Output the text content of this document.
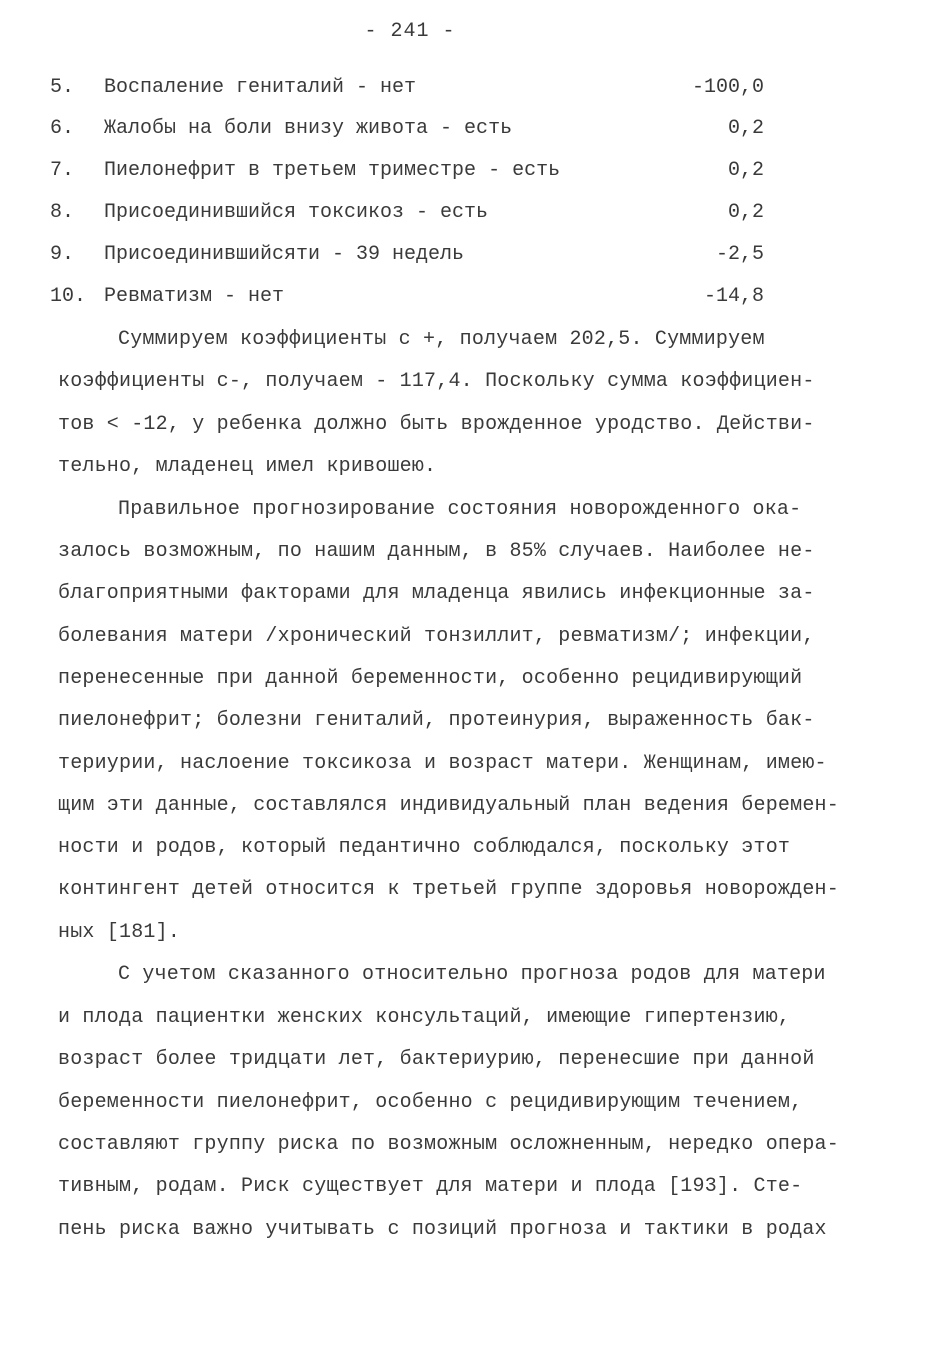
- 241 -
5. Воспаление гениталий - нет	-100,0
6. Жалобы на боли внизу живота - есть	0,2
7. Пиелонефрит в третьем триместре - есть	0,2
8. Присоединившийся токсикоз - есть	0,2
9. Присоединившийсяти - 39 недель	-2,5
10. Ревматизм - нет	-14,8
Суммируем коэффициенты с +, получаем 202,5. Суммируем
коэффициенты с-, получаем - 117,4. Поскольку сумма коэффициен-
тов < -12, у ребенка должно быть врожденное уродство. Действи-
тельно, младенец имел кривошею.
Правильное прогнозирование состояния новорожденного ока-
залось возможным, по нашим данным, в 85% случаев. Наиболее не-
благоприятными факторами для младенца явились инфекционные за-
болевания матери /хронический тонзиллит, ревматизм/; инфекции,
перенесенные при данной беременности, особенно рецидивирующий
пиелонефрит; болезни гениталий, протеинурия, выраженность бак-
териурии, наслоение токсикоза и возраст матери. Женщинам, имею-
щим эти данные, составлялся индивидуальный план ведения беремен-
ности и родов, который педантично соблюдался, поскольку этот
контингент детей относится к третьей группе здоровья новорожден-
ных [181].
С учетом сказанного относительно прогноза родов для матери
и плода пациентки женских консультаций, имеющие гипертензию,
возраст более тридцати лет, бактериурию, перенесшие при данной
беременности пиелонефрит, особенно с рецидивирующим течением,
составляют группу риска по возможным осложненным, нередко опера-
тивным, родам. Риск существует для матери и плода [193]. Сте-
пень риска важно учитывать с позиций прогноза и тактики в родах
